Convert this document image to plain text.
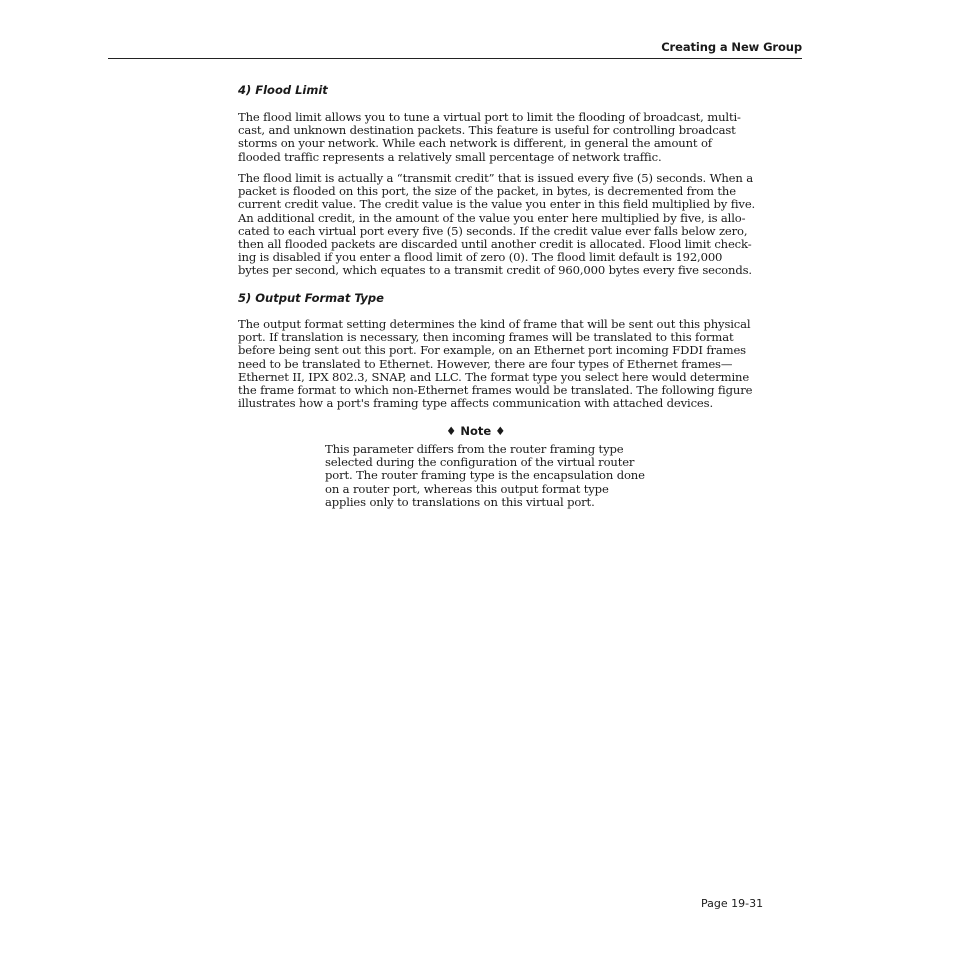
Creating a New Group
4) Flood Limit

The flood limit allows you to tune a virtual port to limit the flooding of broadcast, multi-
cast, and unknown destination packets. This feature is useful for controlling broadcast
storms on your network. While each network is different, in general the amount of
flooded traffic represents a relatively small percentage of network traffic.

The flood limit is actually a “transmit credit” that is issued every five (5) seconds. When a
packet is flooded on this port, the size of the packet, in bytes, is decremented from the
current credit value. The credit value is the value you enter in this field multiplied by five.
An additional credit, in the amount of the value you enter here multiplied by five, is allo-
cated to each virtual port every five (5) seconds. If the credit value ever falls below zero,
then all flooded packets are discarded until another credit is allocated. Flood limit check-
ing is disabled if you enter a flood limit of zero (0). The flood limit default is 192,000
bytes per second, which equates to a transmit credit of 960,000 bytes every five seconds.

5) Output Format Type

The output format setting determines the kind of frame that will be sent out this physical
port. If translation is necessary, then incoming frames will be translated to this format
before being sent out this port. For example, on an Ethernet port incoming FDDI frames
need to be translated to Ethernet. However, there are four types of Ethernet frames—
Ethernet II, IPX 802.3, SNAP, and LLC. The format type you select here would determine
the frame format to which non-Ethernet frames would be translated. The following figure
illustrates how a port's framing type affects communication with attached devices.

♦ Note ♦

This parameter differs from the router framing type
selected during the configuration of the virtual router
port. The router framing type is the encapsulation done
on a router port, whereas this output format type
applies only to translations on this virtual port.

Page 19-31
